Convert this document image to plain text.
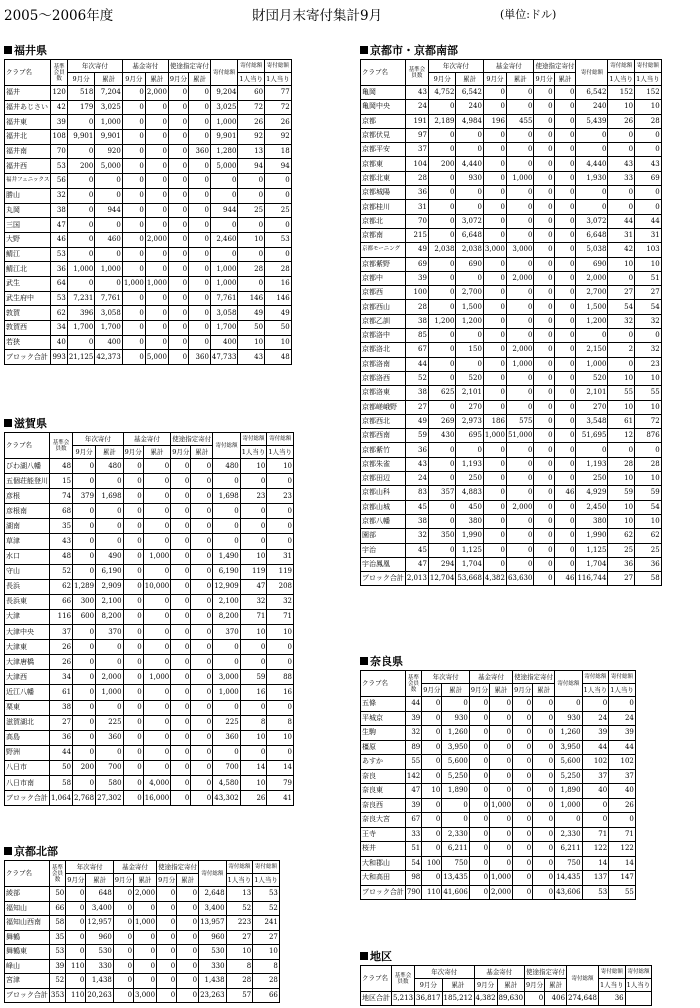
2005～2006年度	財団月末寄付集計9月	(単位:ドル)
福井県
クラブ名	基準会員数	年次寄付		基金寄付		使途指定寄付		寄付総額	寄付総額	寄付総額
		9月分	累計	9月分	累計	9月分	累計		1人当り	1人当り
福井	120	518	7,204	0	2,000	0	0	9,204	60	77
福井あじさい	42	179	3,025	0	0	0	0	3,025	72	72
福井東	39	0	1,000	0	0	0	0	1,000	26	26
福井北	108	9,901	9,901	0	0	0	0	9,901	92	92
福井南	70	0	920	0	0	0	360	1,280	13	18
福井西	53	200	5,000	0	0	0	0	5,000	94	94
福井フェニックス	56	0	0	0	0	0	0	0	0	0
勝山	32	0	0	0	0	0	0	0	0	0
丸岡	38	0	944	0	0	0	0	944	25	25
三国	47	0	0	0	0	0	0	0	0	0
大野	46	0	460	0	2,000	0	0	2,460	10	53
鯖江	53	0	0	0	0	0	0	0	0	0
鯖江北	36	1,000	1,000	0	0	0	0	1,000	28	28
武生	64	0	0	1,000	1,000	0	0	1,000	0	16
武生府中	53	7,231	7,761	0	0	0	0	7,761	146	146
敦賀	62	396	3,058	0	0	0	0	3,058	49	49
敦賀西	34	1,700	1,700	0	0	0	0	1,700	50	50
若狭	40	0	400	0	0	0	0	400	10	10
ブロック合計	993	21,125	42,373	0	5,000	0	360	47,733	43	48
滋賀県
クラブ名	基準会員数	年次寄付		基金寄付		使途指定寄付		寄付総額	寄付総額	寄付総額
		9月分	累計	9月分	累計	9月分	累計		1人当り	1人当り
びわ湖八幡	48	0	480	0	0	0	0	480	10	10
五個荘能登川	15	0	0	0	0	0	0	0	0	0
彦根	74	379	1,698	0	0	0	0	1,698	23	23
彦根南	68	0	0	0	0	0	0	0	0	0
湖南	35	0	0	0	0	0	0	0	0	0
草津	43	0	0	0	0	0	0	0	0	0
水口	48	0	490	0	1,000	0	0	1,490	10	31
守山	52	0	6,190	0	0	0	0	6,190	119	119
長浜	62	1,289	2,909	0	10,000	0	0	12,909	47	208
長浜東	66	300	2,100	0	0	0	0	2,100	32	32
大津	116	600	8,200	0	0	0	0	8,200	71	71
大津中央	37	0	370	0	0	0	0	370	10	10
大津東	26	0	0	0	0	0	0	0	0	0
大津唐橋	26	0	0	0	0	0	0	0	0	0
大津西	34	0	2,000	0	1,000	0	0	3,000	59	88
近江八幡	61	0	1,000	0	0	0	0	1,000	16	16
栗東	38	0	0	0	0	0	0	0	0	0
滋賀湖北	27	0	225	0	0	0	0	225	8	8
高島	36	0	360	0	0	0	0	360	10	10
野洲	44	0	0	0	0	0	0	0	0	0
八日市	50	200	700	0	0	0	0	700	14	14
八日市南	58	0	580	0	4,000	0	0	4,580	10	79
ブロック合計	1,064	2,768	27,302	0	16,000	0	0	43,302	26	41
京都北部
クラブ名	基準会員数	年次寄付		基金寄付		使途指定寄付		寄付総額	寄付総額	寄付総額
		9月分	累計	9月分	累計	9月分	累計		1人当り	1人当り
綾部	50	0	648	0	2,000	0	0	2,648	13	53
福知山	66	0	3,400	0	0	0	0	3,400	52	52
福知山西南	58	0	12,957	0	1,000	0	0	13,957	223	241
舞鶴	35	0	960	0	0	0	0	960	27	27
舞鶴東	53	0	530	0	0	0	0	530	10	10
峰山	39	110	330	0	0	0	0	330	8	8
宮津	52	0	1,438	0	0	0	0	1,438	28	28
ブロック合計	353	110	20,263	0	3,000	0	0	23,263	57	66
京都市・京都南部
クラブ名	基準会員数	年次寄付		基金寄付		使途指定寄付		寄付総額	寄付総額	寄付総額
		9月分	累計	9月分	累計	9月分	累計		1人当り	1人当り
亀岡	43	4,752	6,542	0	0	0	0	6,542	152	152
亀岡中央	24	0	240	0	0	0	0	240	10	10
京都	191	2,189	4,984	196	455	0	0	5,439	26	28
京都伏見	97	0	0	0	0	0	0	0	0	0
京都平安	37	0	0	0	0	0	0	0	0	0
京都東	104	200	4,440	0	0	0	0	4,440	43	43
京都北東	28	0	930	0	1,000	0	0	1,930	33	69
京都城陽	36	0	0	0	0	0	0	0	0	0
京都桂川	31	0	0	0	0	0	0	0	0	0
京都北	70	0	3,072	0	0	0	0	3,072	44	44
京都南	215	0	6,648	0	0	0	0	6,648	31	31
京都モーニング	49	2,038	2,038	3,000	3,000	0	0	5,038	42	103
京都紫野	69	0	690	0	0	0	0	690	10	10
京都中	39	0	0	0	2,000	0	0	2,000	0	51
京都西	100	0	2,700	0	0	0	0	2,700	27	27
京都西山	28	0	1,500	0	0	0	0	1,500	54	54
京都乙訓	38	1,200	1,200	0	0	0	0	1,200	32	32
京都洛中	85	0	0	0	0	0	0	0	0	0
京都洛北	67	0	150	0	2,000	0	0	2,150	2	32
京都洛南	44	0	0	0	1,000	0	0	1,000	0	23
京都洛西	52	0	520	0	0	0	0	520	10	10
京都洛東	38	625	2,101	0	0	0	0	2,101	55	55
京都嵯峨野	27	0	270	0	0	0	0	270	10	10
京都西北	49	269	2,973	186	575	0	0	3,548	61	72
京都西南	59	430	695	1,000	51,000	0	0	51,695	12	876
京都紫竹	36	0	0	0	0	0	0	0	0	0
京都朱雀	43	0	1,193	0	0	0	0	1,193	28	28
京都田辺	24	0	250	0	0	0	0	250	10	10
京都山科	83	357	4,883	0	0	0	46	4,929	59	59
京都山城	45	0	450	0	2,000	0	0	2,450	10	54
京都八幡	38	0	380	0	0	0	0	380	10	10
園部	32	350	1,990	0	0	0	0	1,990	62	62
宇治	45	0	1,125	0	0	0	0	1,125	25	25
宇治鳳凰	47	294	1,704	0	0	0	0	1,704	36	36
ブロック合計	2,013	12,704	53,668	4,382	63,630	0	46	116,744	27	58
奈良県
クラブ名	基準会員数	年次寄付		基金寄付		使途指定寄付		寄付総額	寄付総額	寄付総額
		9月分	累計	9月分	累計	9月分	累計		1人当り	1人当り
五條	44	0	0	0	0	0	0	0	0	0
平城京	39	0	930	0	0	0	0	930	24	24
生駒	32	0	1,260	0	0	0	0	1,260	39	39
橿原	89	0	3,950	0	0	0	0	3,950	44	44
あすか	55	0	5,600	0	0	0	0	5,600	102	102
奈良	142	0	5,250	0	0	0	0	5,250	37	37
奈良東	47	10	1,890	0	0	0	0	1,890	40	40
奈良西	39	0	0	0	1,000	0	0	1,000	0	26
奈良大宮	67	0	0	0	0	0	0	0	0	0
王寺	33	0	2,330	0	0	0	0	2,330	71	71
桜井	51	0	6,211	0	0	0	0	6,211	122	122
大和郡山	54	100	750	0	0	0	0	750	14	14
大和高田	98	0	13,435	0	1,000	0	0	14,435	137	147
ブロック合計	790	110	41,606	0	2,000	0	0	43,606	53	55
地区
クラブ名	基準会員数	年次寄付		基金寄付		使途指定寄付		寄付総額	寄付総額	寄付総額
		9月分	累計	9月分	累計	9月分	累計		1人当り	1人当り
地区合計	5,213	36,817	185,212	4,382	89,630	0	406	274,648	36	
